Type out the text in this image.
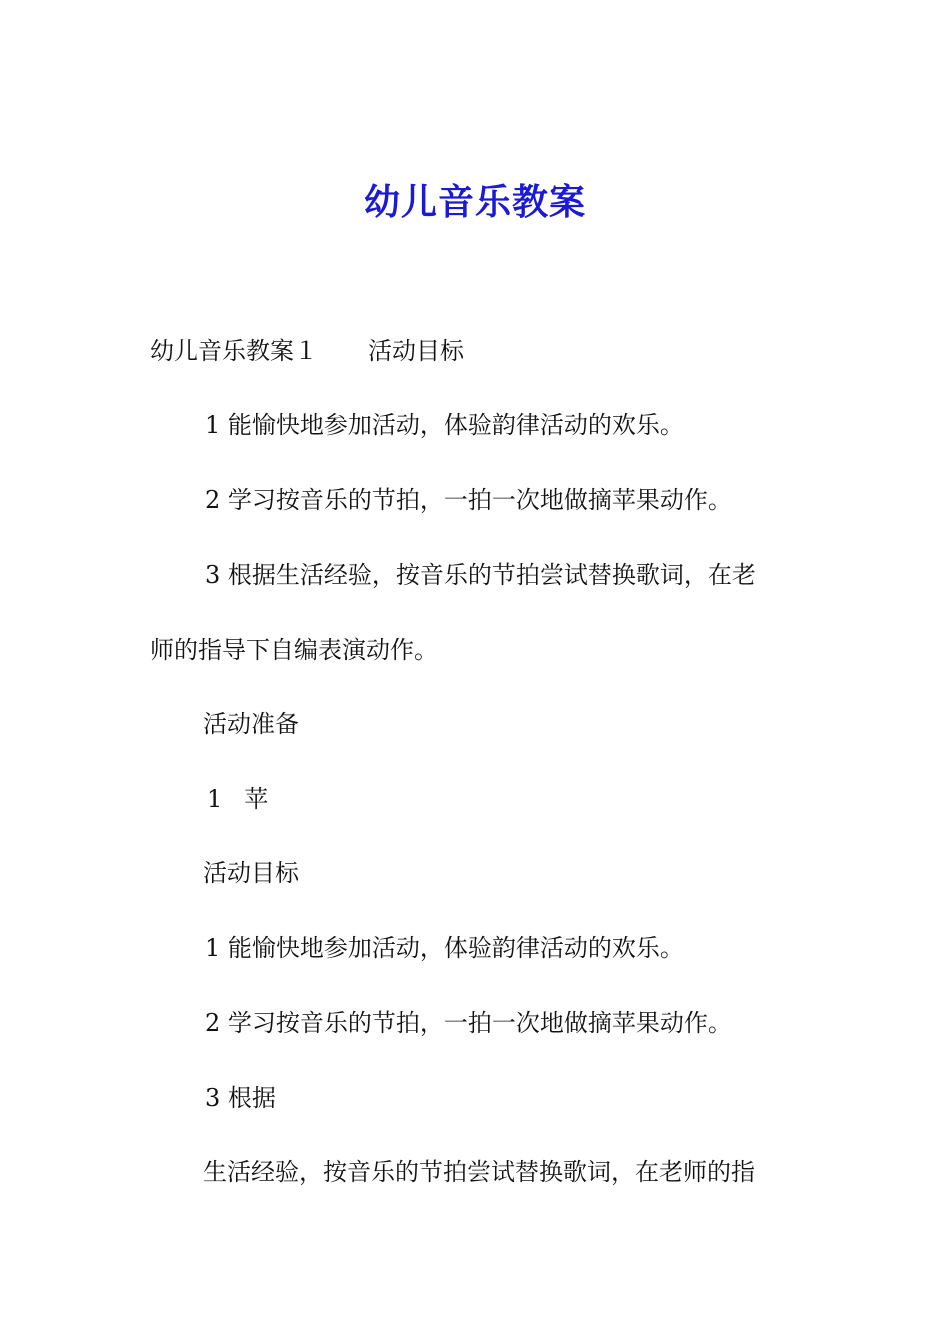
幼儿音乐教案
幼儿音乐教案１ 活动目标
1 能愉快地参加活动，体验韵律活动的欢乐。
2 学习按音乐的节拍，一拍一次地做摘苹果动作。
3 根据生活经验，按音乐的节拍尝试替换歌词，在老
师的指导下自编表演动作。
活动准备
1 苹
活动目标
1 能愉快地参加活动，体验韵律活动的欢乐。
2 学习按音乐的节拍，一拍一次地做摘苹果动作。
3 根据
生活经验，按音乐的节拍尝试替换歌词，在老师的指
